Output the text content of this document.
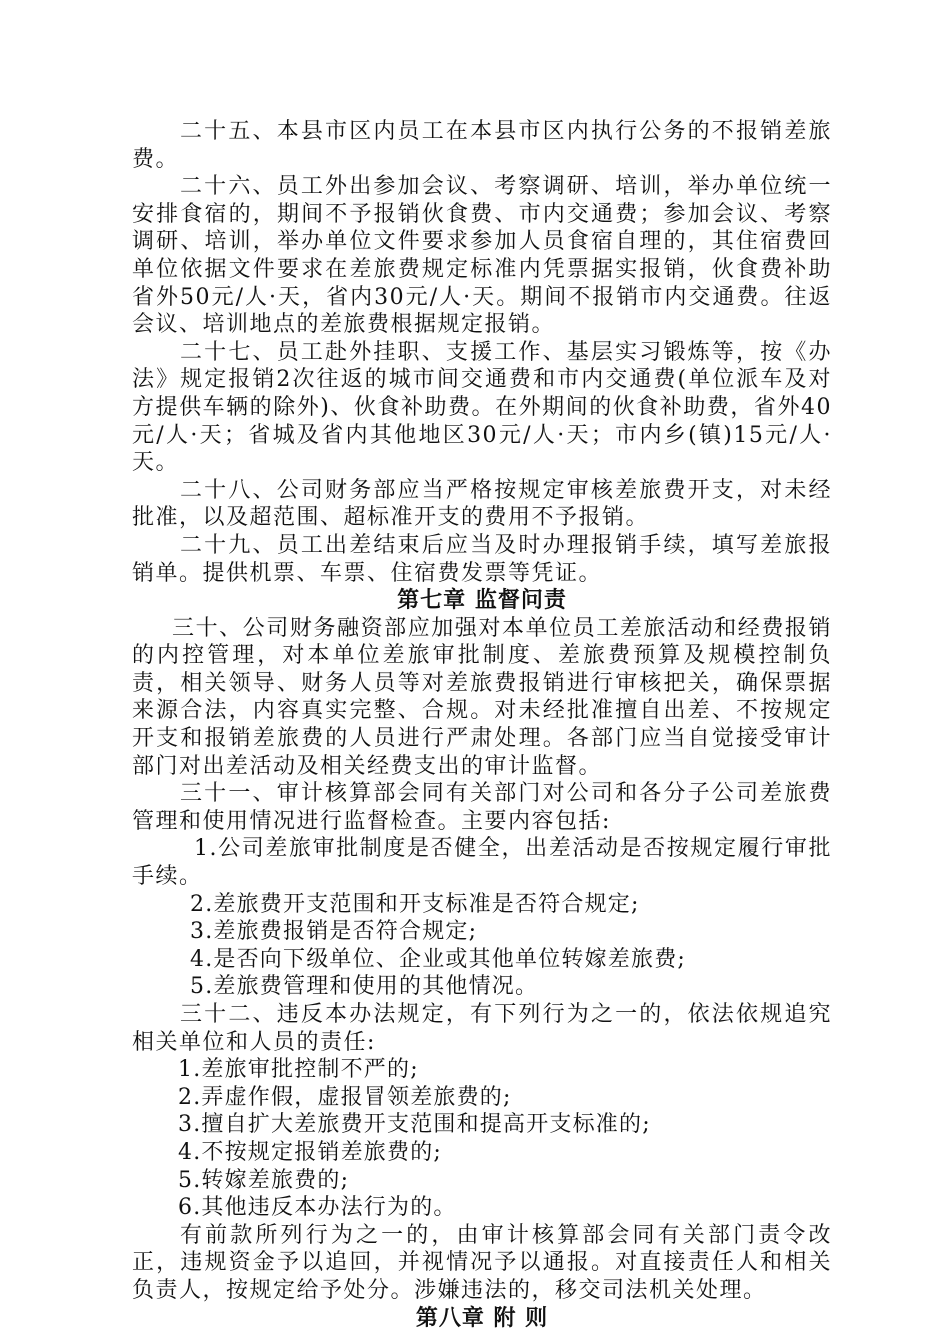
二十五、本县市区内员工在本县市区内执行公务的不报销差旅费。

二十六、员工外出参加会议、考察调研、培训，举办单位统一安排食宿的，期间不予报销伙食费、市内交通费；参加会议、考察调研、培训，举办单位文件要求参加人员食宿自理的，其住宿费回单位依据文件要求在差旅费规定标准内凭票据实报销，伙食费补助省外50元/人·天，省内30元/人·天。期间不报销市内交通费。往返会议、培训地点的差旅费根据规定报销。

二十七、员工赴外挂职、支援工作、基层实习锻炼等，按《办法》规定报销2次往返的城市间交通费和市内交通费(单位派车及对方提供车辆的除外)、伙食补助费。在外期间的伙食补助费，省外40元/人·天；省城及省内其他地区30元/人·天；市内乡(镇)15元/人·天。

二十八、公司财务部应当严格按规定审核差旅费开支，对未经批准，以及超范围、超标准开支的费用不予报销。

二十九、员工出差结束后应当及时办理报销手续，填写差旅报销单。提供机票、车票、住宿费发票等凭证。

第七章 监督问责

三十、公司财务融资部应加强对本单位员工差旅活动和经费报销的内控管理，对本单位差旅审批制度、差旅费预算及规模控制负责，相关领导、财务人员等对差旅费报销进行审核把关，确保票据来源合法，内容真实完整、合规。对未经批准擅自出差、不按规定开支和报销差旅费的人员进行严肃处理。各部门应当自觉接受审计部门对出差活动及相关经费支出的审计监督。

三十一、审计核算部会同有关部门对公司和各分子公司差旅费管理和使用情况进行监督检查。主要内容包括:

1.公司差旅审批制度是否健全，出差活动是否按规定履行审批手续。

2.差旅费开支范围和开支标准是否符合规定;

3.差旅费报销是否符合规定;

4.是否向下级单位、企业或其他单位转嫁差旅费;

5.差旅费管理和使用的其他情况。

三十二、违反本办法规定，有下列行为之一的，依法依规追究相关单位和人员的责任:

1.差旅审批控制不严的;

2.弄虚作假，虚报冒领差旅费的;

3.擅自扩大差旅费开支范围和提高开支标准的;

4.不按规定报销差旅费的;

5.转嫁差旅费的;

6.其他违反本办法行为的。

有前款所列行为之一的，由审计核算部会同有关部门责令改正，违规资金予以追回，并视情况予以通报。对直接责任人和相关负责人，按规定给予处分。涉嫌违法的，移交司法机关处理。

第八章 附 则
